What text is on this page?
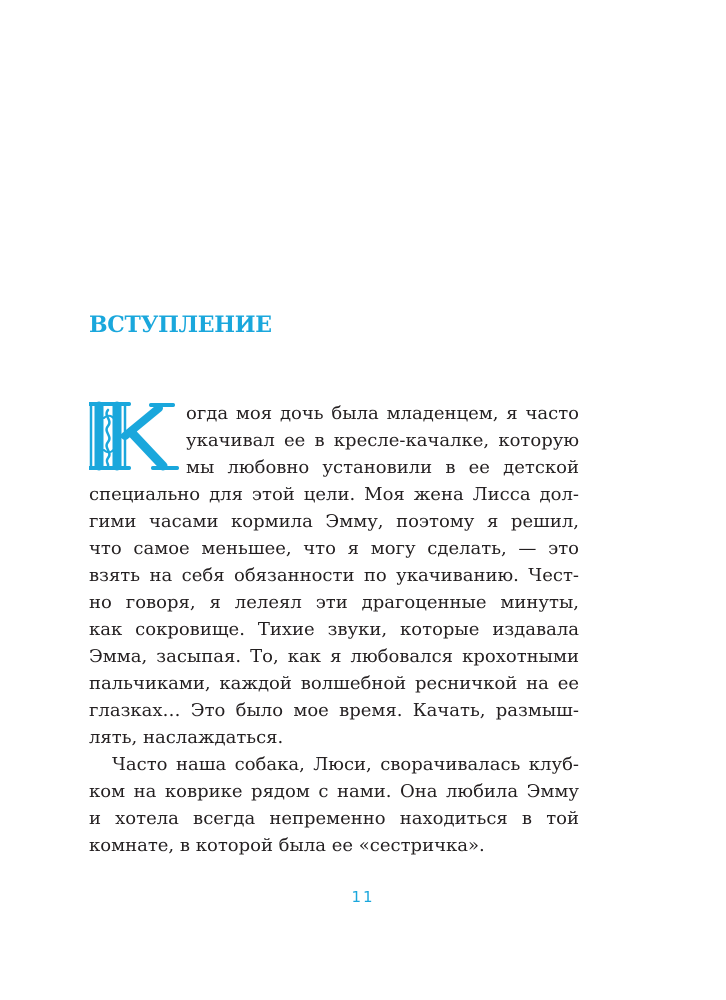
ВСТУПЛЕНИЕ
огда моя дочь была младенцем, я часто
укачивал ее в кресле-качалке, которую
мы любовно установили в ее детской
специально для этой цели. Моя жена Лисса дол-
гими часами кормила Эмму, поэтому я решил,
что самое меньшее, что я могу сделать, — это
взять на себя обязанности по укачиванию. Чест-
но говоря, я лелеял эти драгоценные минуты,
как сокровище. Тихие звуки, которые издавала
Эмма, засыпая. То, как я любовался крохотными
пальчиками, каждой волшебной ресничкой на ее
глазках… Это было мое время. Качать, размыш-
лять, наслаждаться.
Часто наша собака, Люси, сворачивалась клуб-
ком на коврике рядом с нами. Она любила Эмму
и хотела всегда непременно находиться в той
комнате, в которой была ее «сестричка».
11
